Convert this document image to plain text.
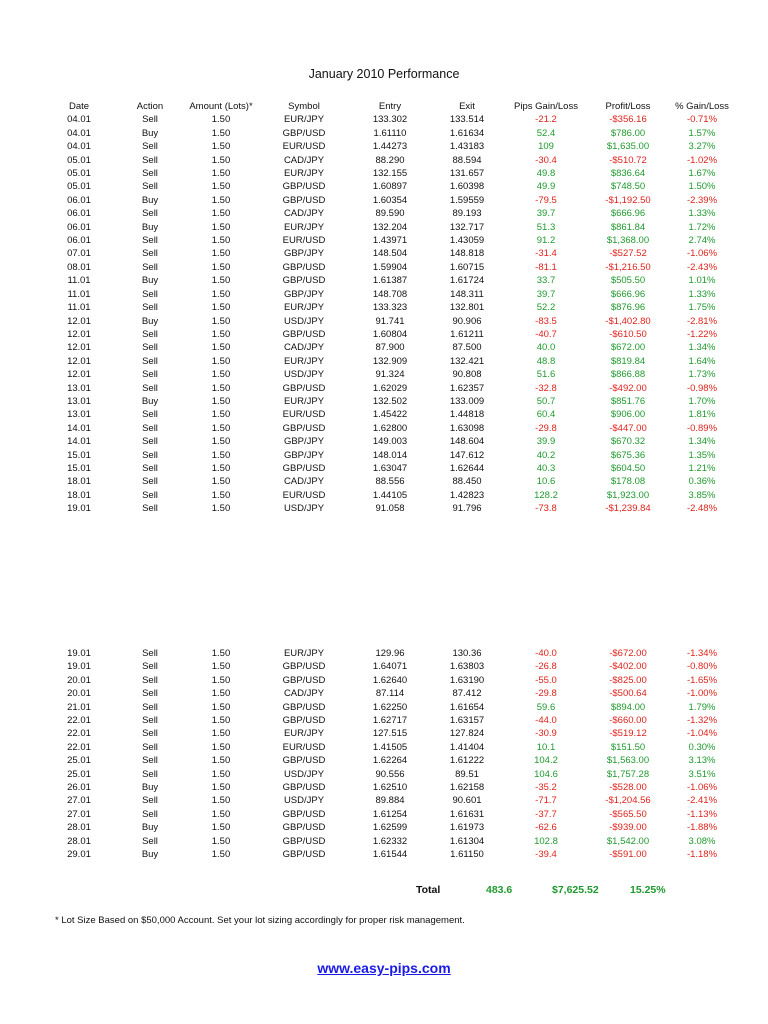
January 2010 Performance
Date	Action	Amount (Lots)*	Symbol	Entry	Exit	Pips Gain/Loss	Profit/Loss	% Gain/Loss
04.01	Sell	1.50	EUR/JPY	133.302	133.514	-21.2	-$356.16	-0.71%
04.01	Buy	1.50	GBP/USD	1.61110	1.61634	52.4	$786.00	1.57%
04.01	Sell	1.50	EUR/USD	1.44273	1.43183	109	$1,635.00	3.27%
05.01	Sell	1.50	CAD/JPY	88.290	88.594	-30.4	-$510.72	-1.02%
05.01	Sell	1.50	EUR/JPY	132.155	131.657	49.8	$836.64	1.67%
05.01	Sell	1.50	GBP/USD	1.60897	1.60398	49.9	$748.50	1.50%
06.01	Buy	1.50	GBP/USD	1.60354	1.59559	-79.5	-$1,192.50	-2.39%
06.01	Sell	1.50	CAD/JPY	89.590	89.193	39.7	$666.96	1.33%
06.01	Buy	1.50	EUR/JPY	132.204	132.717	51.3	$861.84	1.72%
06.01	Sell	1.50	EUR/USD	1.43971	1.43059	91.2	$1,368.00	2.74%
07.01	Sell	1.50	GBP/JPY	148.504	148.818	-31.4	-$527.52	-1.06%
08.01	Sell	1.50	GBP/USD	1.59904	1.60715	-81.1	-$1,216.50	-2.43%
11.01	Buy	1.50	GBP/USD	1.61387	1.61724	33.7	$505.50	1.01%
11.01	Sell	1.50	GBP/JPY	148.708	148.311	39.7	$666.96	1.33%
11.01	Sell	1.50	EUR/JPY	133.323	132.801	52.2	$876.96	1.75%
12.01	Buy	1.50	USD/JPY	91.741	90.906	-83.5	-$1,402.80	-2.81%
12.01	Sell	1.50	GBP/USD	1.60804	1.61211	-40.7	-$610.50	-1.22%
12.01	Sell	1.50	CAD/JPY	87.900	87.500	40.0	$672.00	1.34%
12.01	Sell	1.50	EUR/JPY	132.909	132.421	48.8	$819.84	1.64%
12.01	Sell	1.50	USD/JPY	91.324	90.808	51.6	$866.88	1.73%
13.01	Sell	1.50	GBP/USD	1.62029	1.62357	-32.8	-$492.00	-0.98%
13.01	Buy	1.50	EUR/JPY	132.502	133.009	50.7	$851.76	1.70%
13.01	Sell	1.50	EUR/USD	1.45422	1.44818	60.4	$906.00	1.81%
14.01	Sell	1.50	GBP/USD	1.62800	1.63098	-29.8	-$447.00	-0.89%
14.01	Sell	1.50	GBP/JPY	149.003	148.604	39.9	$670.32	1.34%
15.01	Sell	1.50	GBP/JPY	148.014	147.612	40.2	$675.36	1.35%
15.01	Sell	1.50	GBP/USD	1.63047	1.62644	40.3	$604.50	1.21%
18.01	Sell	1.50	CAD/JPY	88.556	88.450	10.6	$178.08	0.36%
18.01	Sell	1.50	EUR/USD	1.44105	1.42823	128.2	$1,923.00	3.85%
19.01	Sell	1.50	USD/JPY	91.058	91.796	-73.8	-$1,239.84	-2.48%
19.01	Sell	1.50	EUR/JPY	129.96	130.36	-40.0	-$672.00	-1.34%
19.01	Sell	1.50	GBP/USD	1.64071	1.63803	-26.8	-$402.00	-0.80%
20.01	Sell	1.50	GBP/USD	1.62640	1.63190	-55.0	-$825.00	-1.65%
20.01	Sell	1.50	CAD/JPY	87.114	87.412	-29.8	-$500.64	-1.00%
21.01	Sell	1.50	GBP/USD	1.62250	1.61654	59.6	$894.00	1.79%
22.01	Sell	1.50	GBP/USD	1.62717	1.63157	-44.0	-$660.00	-1.32%
22.01	Sell	1.50	EUR/JPY	127.515	127.824	-30.9	-$519.12	-1.04%
22.01	Sell	1.50	EUR/USD	1.41505	1.41404	10.1	$151.50	0.30%
25.01	Sell	1.50	GBP/USD	1.62264	1.61222	104.2	$1,563.00	3.13%
25.01	Sell	1.50	USD/JPY	90.556	89.51	104.6	$1,757.28	3.51%
26.01	Buy	1.50	GBP/USD	1.62510	1.62158	-35.2	-$528.00	-1.06%
27.01	Sell	1.50	USD/JPY	89.884	90.601	-71.7	-$1,204.56	-2.41%
27.01	Sell	1.50	GBP/USD	1.61254	1.61631	-37.7	-$565.50	-1.13%
28.01	Buy	1.50	GBP/USD	1.62599	1.61973	-62.6	-$939.00	-1.88%
28.01	Sell	1.50	GBP/USD	1.62332	1.61304	102.8	$1,542.00	3.08%
29.01	Buy	1.50	GBP/USD	1.61544	1.61150	-39.4	-$591.00	-1.18%
Total	483.6	$7,625.52	15.25%
* Lot Size Based on $50,000 Account. Set your lot sizing accordingly for proper risk management.
www.easy-pips.com
